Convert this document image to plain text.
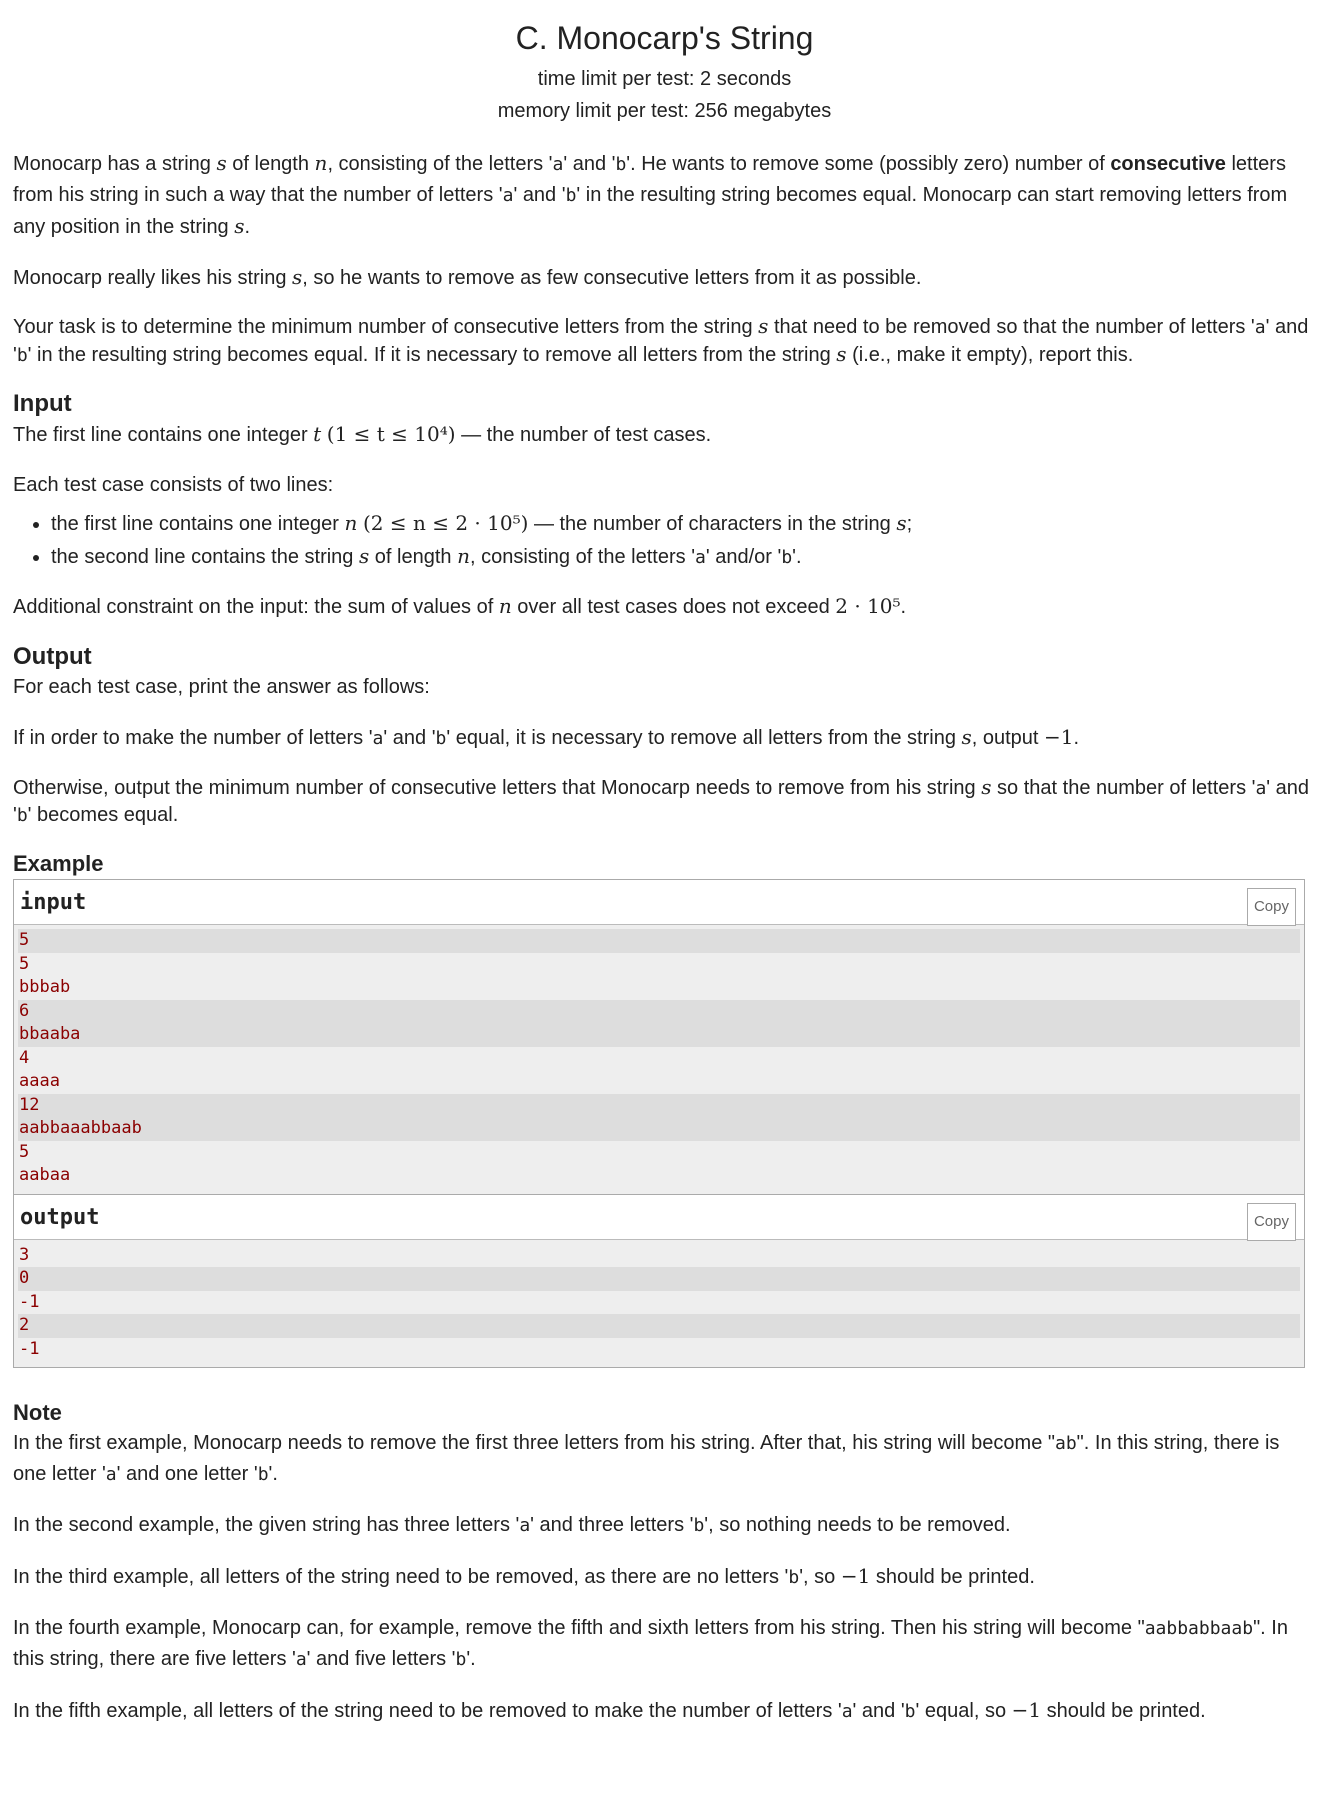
C. Monocarp's String
time limit per test: 2 seconds
memory limit per test: 256 megabytes

Monocarp has a string s of length n, consisting of the letters 'a' and 'b'. He wants to remove some (possibly zero) number of consecutive letters from his string in such a way that the number of letters 'a' and 'b' in the resulting string becomes equal. Monocarp can start removing letters from any position in the string s.

Monocarp really likes his string s, so he wants to remove as few consecutive letters from it as possible.

Your task is to determine the minimum number of consecutive letters from the string s that need to be removed so that the number of letters 'a' and 'b' in the resulting string becomes equal. If it is necessary to remove all letters from the string s (i.e., make it empty), report this.

Input

The first line contains one integer t (1 ≤ t ≤ 10⁴) — the number of test cases.

Each test case consists of two lines:

• the first line contains one integer n (2 ≤ n ≤ 2 · 10⁵) — the number of characters in the string s;
• the second line contains the string s of length n, consisting of the letters 'a' and/or 'b'.

Additional constraint on the input: the sum of values of n over all test cases does not exceed 2 · 10⁵.

Output

For each test case, print the answer as follows:

If in order to make the number of letters 'a' and 'b' equal, it is necessary to remove all letters from the string s, output −1.

Otherwise, output the minimum number of consecutive letters that Monocarp needs to remove from his string s so that the number of letters 'a' and 'b' becomes equal.

Example
input	Copy
5
5
bbbab
6
bbaaba
4
aaaa
12
aabbaaabbaab
5
aabaa
output	Copy
3
0
-1
2
-1
Note

In the first example, Monocarp needs to remove the first three letters from his string. After that, his string will become "ab". In this string, there is one letter 'a' and one letter 'b'.

In the second example, the given string has three letters 'a' and three letters 'b', so nothing needs to be removed.

In the third example, all letters of the string need to be removed, as there are no letters 'b', so −1 should be printed.

In the fourth example, Monocarp can, for example, remove the fifth and sixth letters from his string. Then his string will become "aabbabbaab". In this string, there are five letters 'a' and five letters 'b'.

In the fifth example, all letters of the string need to be removed to make the number of letters 'a' and 'b' equal, so −1 should be printed.
